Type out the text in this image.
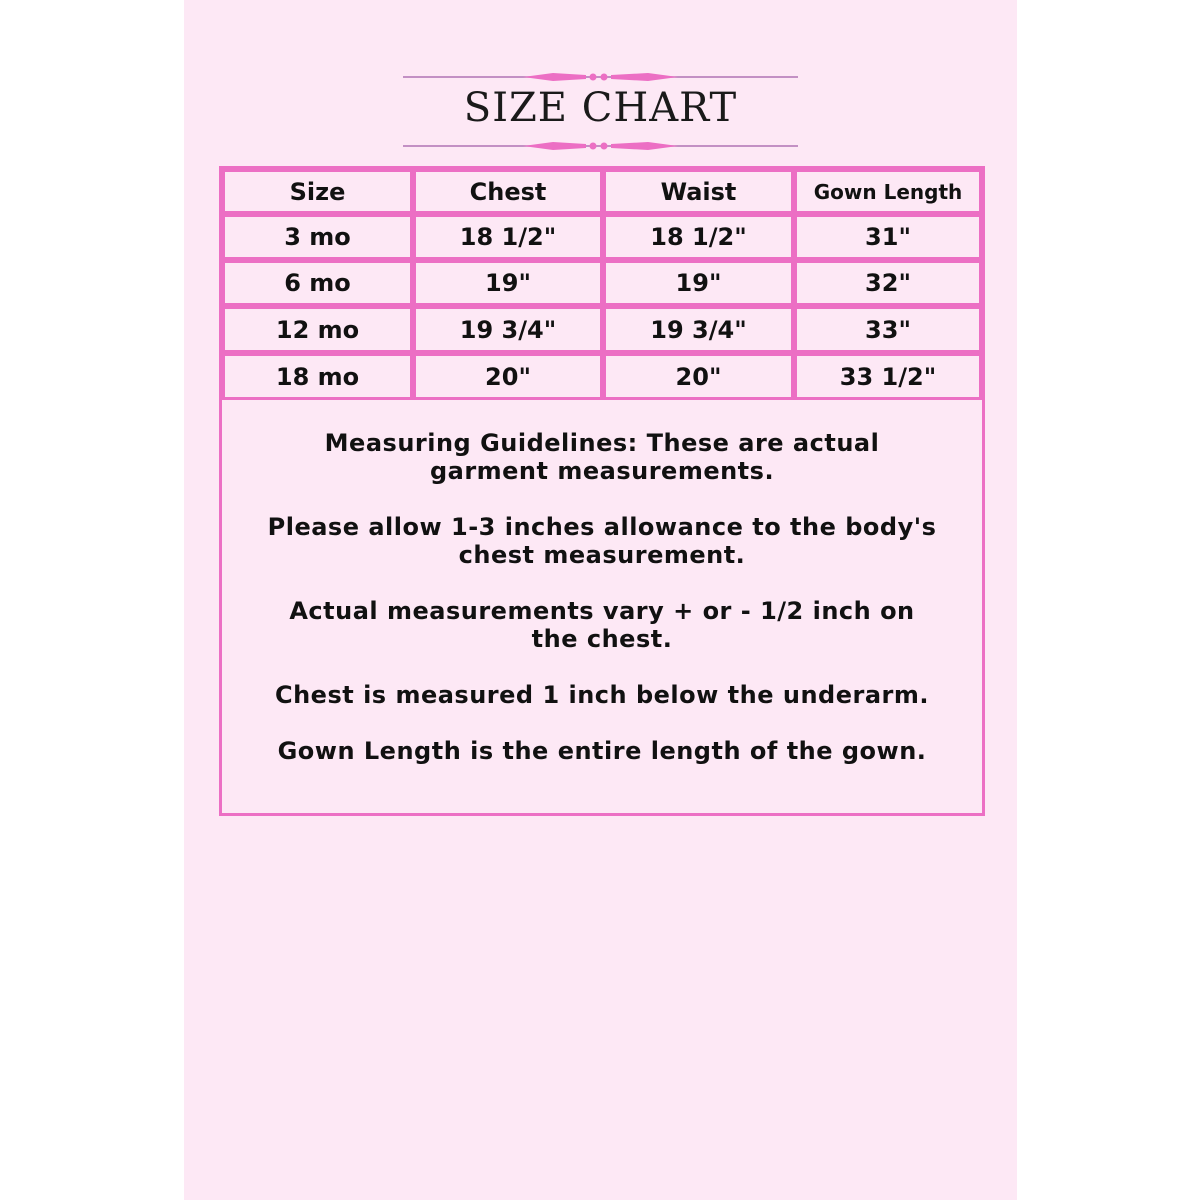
SIZE CHART
Size	Chest	Waist	Gown Length
3 mo	18 1/2"	18 1/2"	31"
6 mo	19"	19"	32"
12 mo	19 3/4"	19 3/4"	33"
18 mo	20"	20"	33 1/2"

Measuring Guidelines: These are actual garment measurements.

Please allow 1-3 inches allowance to the body's chest measurement.

Actual measurements vary + or - 1/2 inch on the chest.

Chest is measured 1 inch below the underarm.

Gown Length is the entire length of the gown.
